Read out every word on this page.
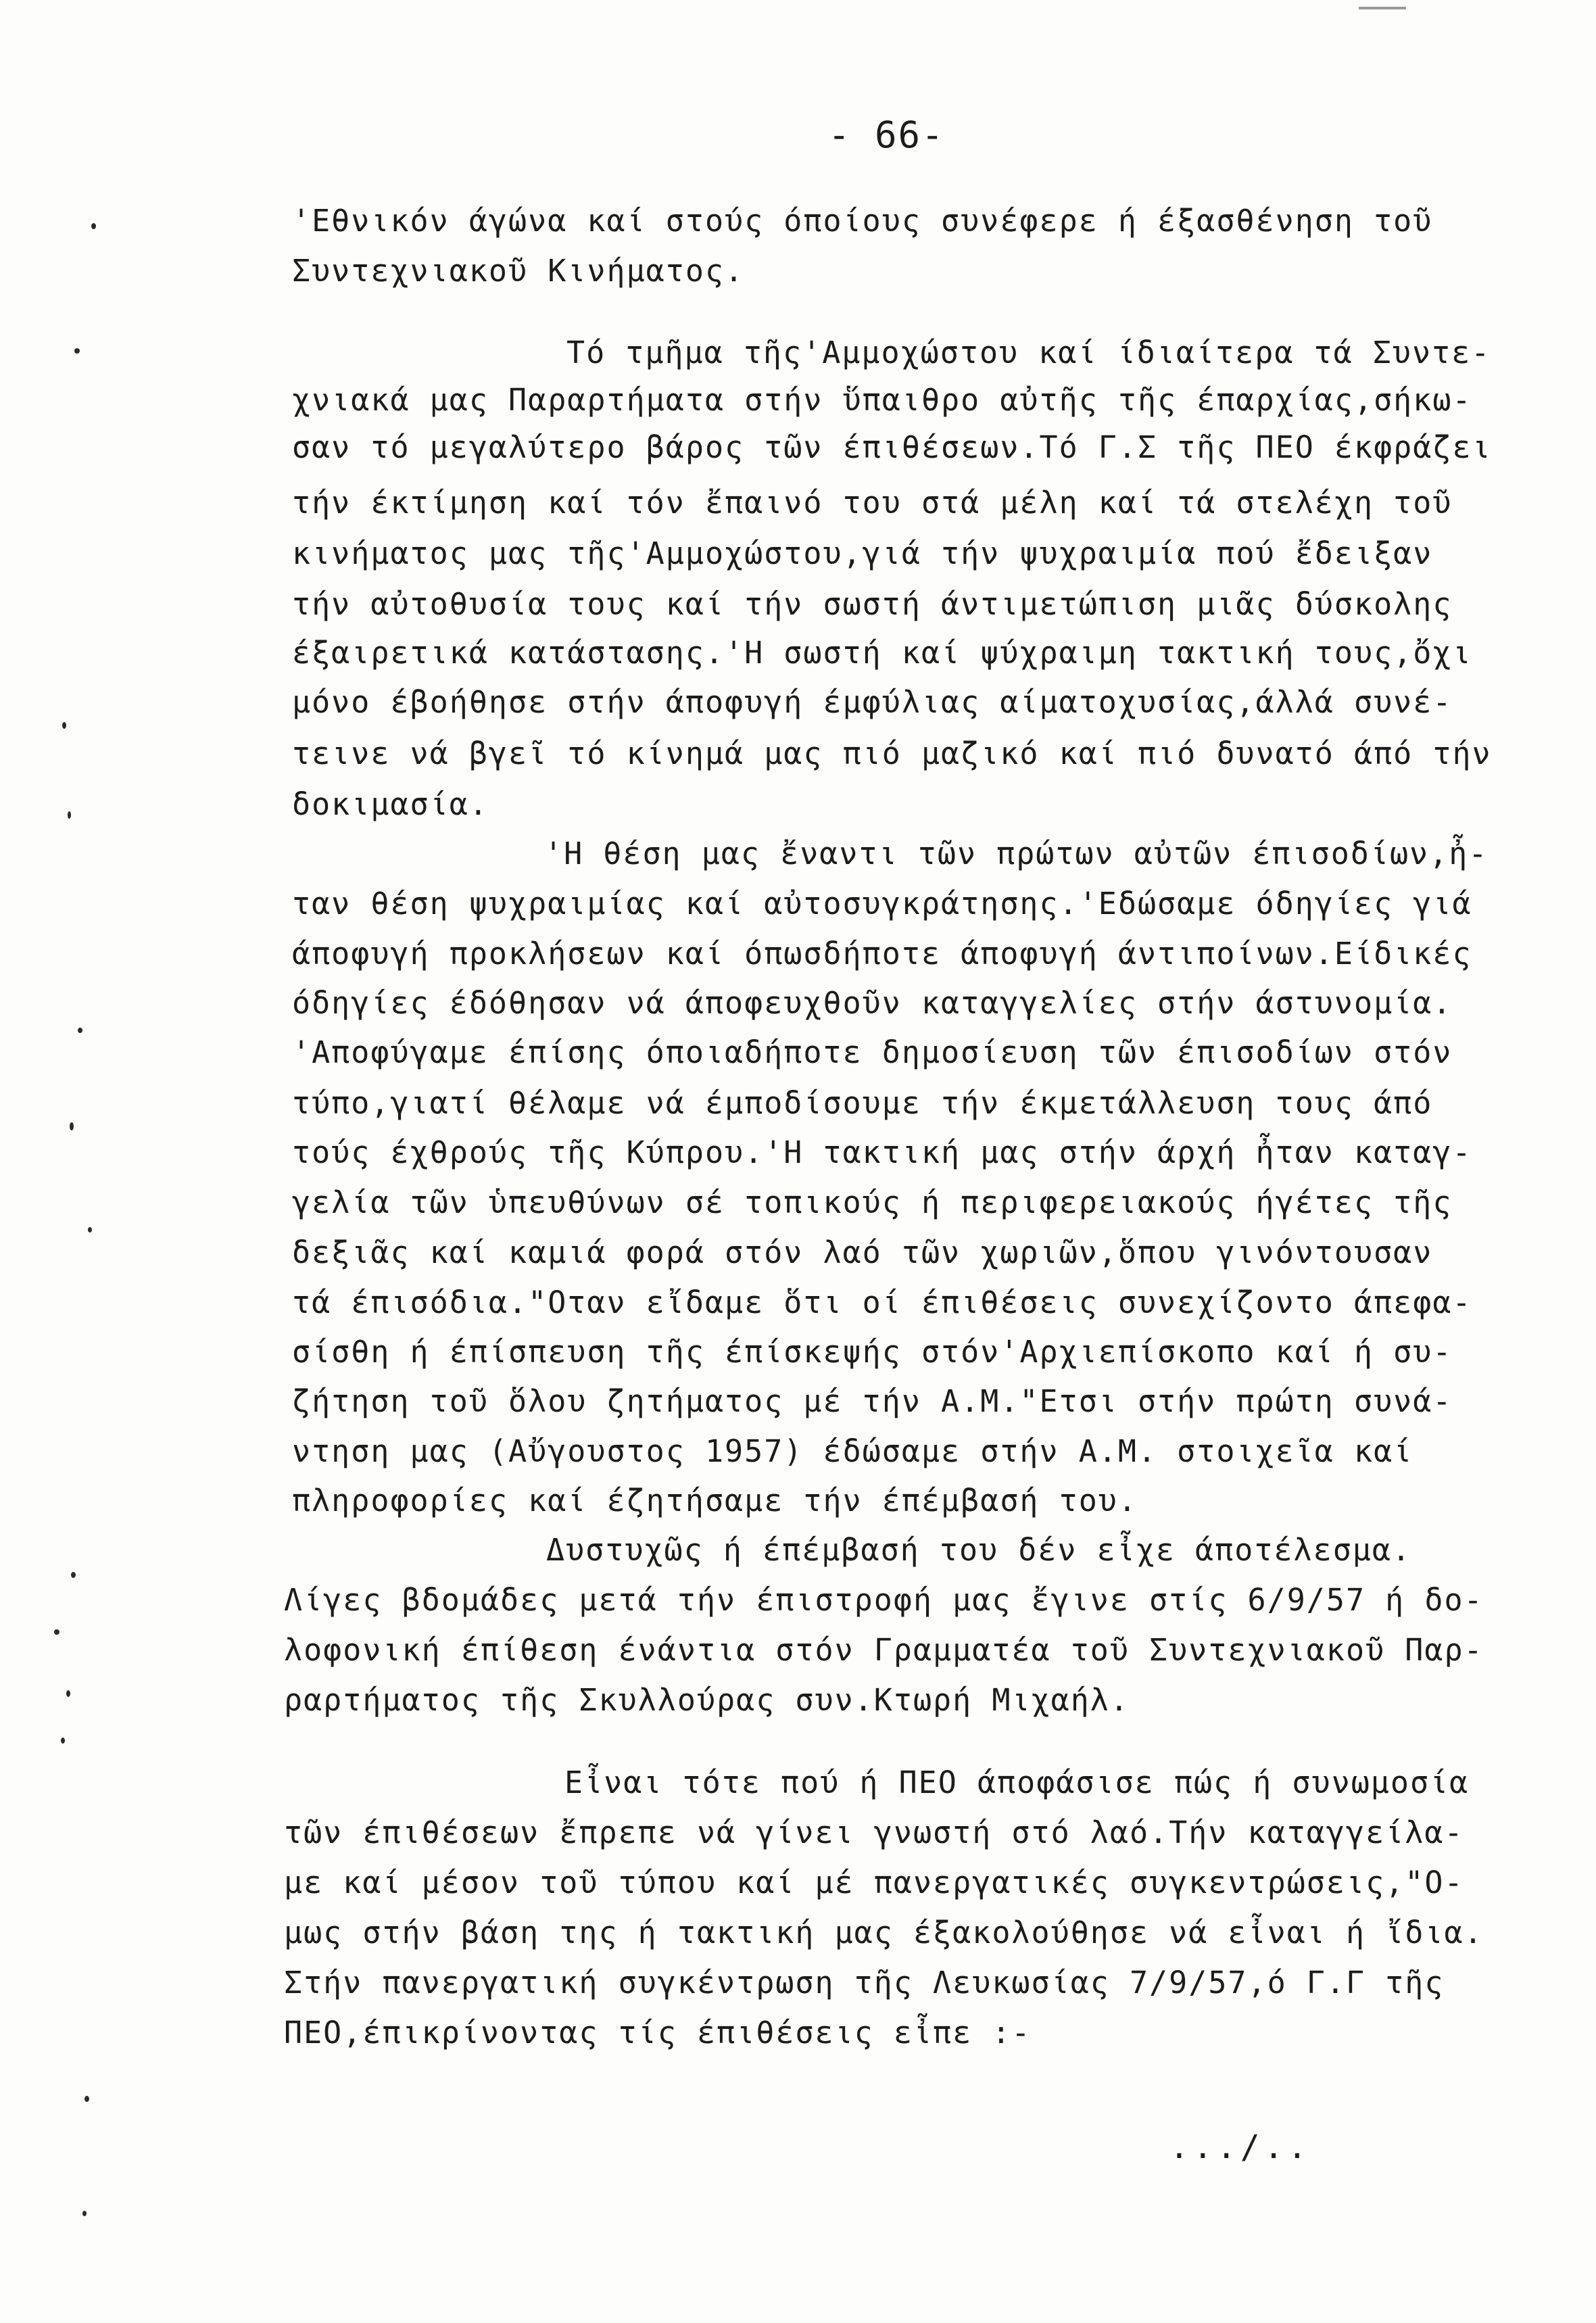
- 66-
'Εθνικόν άγώνα καί στούς όποίους συνέφερε ή έξασθένηση τοῦ
Συντεχνιακοῦ Κινήματος.
Τό τμῆμα τῆς'Αμμοχώστου καί ίδιαίτερα τά Συντε-
χνιακά μας Παραρτήματα στήν ὕπαιθρο αὐτῆς τῆς έπαρχίας,σήκω-
σαν τό μεγαλύτερο βάρος τῶν έπιθέσεων.Τό Γ.Σ τῆς ΠΕΟ έκφράζει
τήν έκτίμηση καί τόν ἔπαινό του στά μέλη καί τά στελέχη τοῦ
κινήματος μας τῆς'Αμμοχώστου,γιά τήν ψυχραιμία πού ἔδειξαν
τήν αὐτοθυσία τους καί τήν σωστή άντιμετώπιση μιᾶς δύσκολης
έξαιρετικά κατάστασης.'Η σωστή καί ψύχραιμη τακτική τους,ὄχι
μόνο έβοήθησε στήν άποφυγή έμφύλιας αίματοχυσίας,άλλά συνέ-
τεινε νά βγεῖ τό κίνημά μας πιό μαζικό καί πιό δυνατό άπό τήν
δοκιμασία.
'Η θέση μας ἔναντι τῶν πρώτων αὐτῶν έπισοδίων,ἦ-
ταν θέση ψυχραιμίας καί αὐτοσυγκράτησης.'Εδώσαμε όδηγίες γιά
άποφυγή προκλήσεων καί όπωσδήποτε άποφυγή άντιποίνων.Είδικές
όδηγίες έδόθησαν νά άποφευχθοῦν καταγγελίες στήν άστυνομία.
'Αποφύγαμε έπίσης όποιαδήποτε δημοσίευση τῶν έπισοδίων στόν
τύπο,γιατί θέλαμε νά έμποδίσουμε τήν έκμετάλλευση τους άπό
τούς έχθρούς τῆς Κύπρου.'Η τακτική μας στήν άρχή ἦταν καταγ-
γελία τῶν ὑπευθύνων σέ τοπικούς ή περιφερειακούς ήγέτες τῆς
δεξιᾶς καί καμιά φορά στόν λαό τῶν χωριῶν,ὅπου γινόντουσαν
τά έπισόδια."Οταν εἴδαμε ὅτι οί έπιθέσεις συνεχίζοντο άπεφα-
σίσθη ή έπίσπευση τῆς έπίσκεψής στόν'Αρχιεπίσκοπο καί ή συ-
ζήτηση τοῦ ὅλου ζητήματος μέ τήν Α.Μ."Ετσι στήν πρώτη συνά-
ντηση μας (Αὔγουστος 1957) έδώσαμε στήν Α.Μ. στοιχεῖα καί
πληροφορίες καί έζητήσαμε τήν έπέμβασή του.
Δυστυχῶς ή έπέμβασή του δέν εἶχε άποτέλεσμα.
Λίγες βδομάδες μετά τήν έπιστροφή μας ἔγινε στίς 6/9/57 ή δο-
λοφονική έπίθεση ένάντια στόν Γραμματέα τοῦ Συντεχνιακοῦ Παρ-
ραρτήματος τῆς Σκυλλούρας συν.Κτωρή Μιχαήλ.
Εἶναι τότε πού ή ΠΕΟ άποφάσισε πώς ή συνωμοσία
τῶν έπιθέσεων ἔπρεπε νά γίνει γνωστή στό λαό.Τήν καταγγείλα-
με καί μέσον τοῦ τύπου καί μέ πανεργατικές συγκεντρώσεις,"Ο-
μως στήν βάση της ή τακτική μας έξακολούθησε νά εἶναι ή ἴδια.
Στήν πανεργατική συγκέντρωση τῆς Λευκωσίας 7/9/57,ό Γ.Γ τῆς
ΠΕΟ,έπικρίνοντας τίς έπιθέσεις εἶπε :-
.../..
